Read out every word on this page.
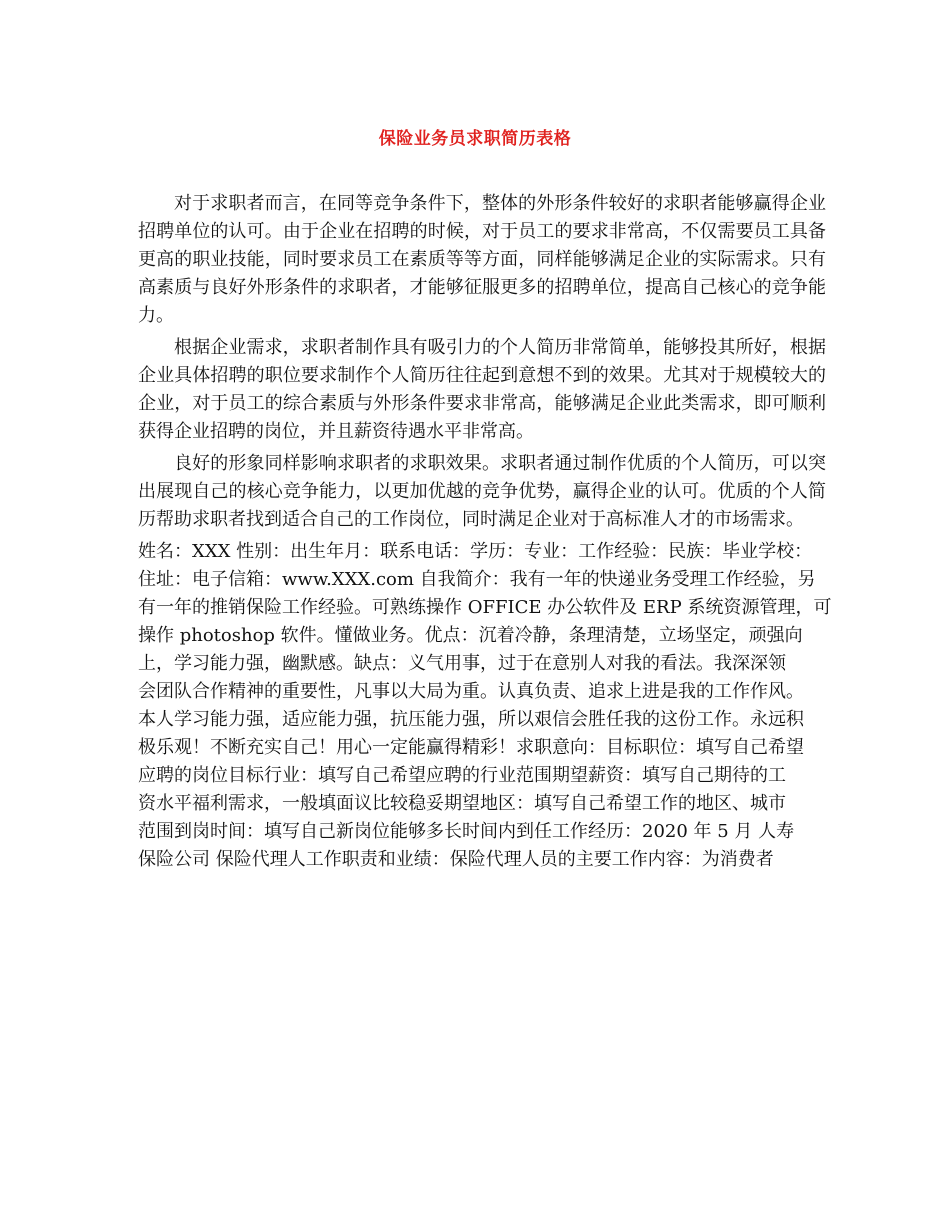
保险业务员求职简历表格

对于求职者而言，在同等竞争条件下，整体的外形条件较好的求职者能够赢得企业招聘单位的认可。由于企业在招聘的时候，对于员工的要求非常高，不仅需要员工具备更高的职业技能，同时要求员工在素质等等方面，同样能够满足企业的实际需求。只有高素质与良好外形条件的求职者，才能够征服更多的招聘单位，提高自己核心的竞争能力。

根据企业需求，求职者制作具有吸引力的个人简历非常简单，能够投其所好，根据企业具体招聘的职位要求制作个人简历往往起到意想不到的效果。尤其对于规模较大的企业，对于员工的综合素质与外形条件要求非常高，能够满足企业此类需求，即可顺利获得企业招聘的岗位，并且薪资待遇水平非常高。

良好的形象同样影响求职者的求职效果。求职者通过制作优质的个人简历，可以突出展现自己的核心竞争能力，以更加优越的竞争优势，赢得企业的认可。优质的个人简历帮助求职者找到适合自己的工作岗位，同时满足企业对于高标准人才的市场需求。

姓名：XXX 性别：出生年月：联系电话：学历：专业：工作经验：民族：毕业学校：

住址：电子信箱：www.XXX.com 自我简介：我有一年的快递业务受理工作经验，另

有一年的推销保险工作经验。可熟练操作 OFFICE 办公软件及 ERP 系统资源管理，可

操作 photoshop 软件。懂做业务。优点：沉着冷静，条理清楚，立场坚定，顽强向

上，学习能力强，幽默感。缺点：义气用事，过于在意别人对我的看法。我深深领

会团队合作精神的重要性，凡事以大局为重。认真负责、追求上进是我的工作作风。

本人学习能力强，适应能力强，抗压能力强，所以艰信会胜任我的这份工作。永远积

极乐观！不断充实自己！用心一定能赢得精彩！求职意向：目标职位：填写自己希望

应聘的岗位目标行业：填写自己希望应聘的行业范围期望薪资：填写自己期待的工

资水平福利需求，一般填面议比较稳妥期望地区：填写自己希望工作的地区、城市

范围到岗时间：填写自己新岗位能够多长时间内到任工作经历：2020 年 5 月 人寿

保险公司 保险代理人工作职责和业绩：保险代理人员的主要工作内容：为消费者
